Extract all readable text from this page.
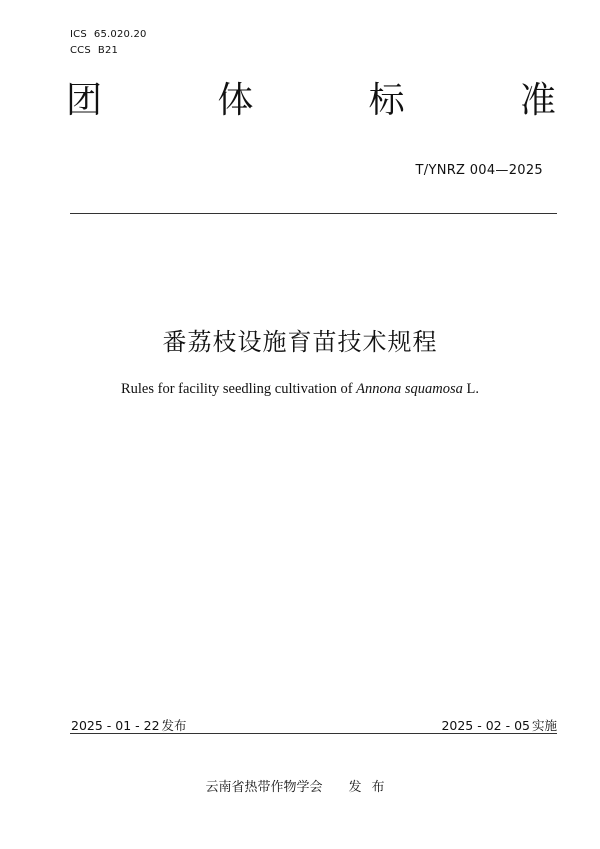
ICS 65.020.20
CCS B21
团	体	标	准
T/YNRZ 004—2025
番荔枝设施育苗技术规程
Rules for facility seedling cultivation of Annona squamosa L.
2025 - 01 - 22 发布	2025 - 02 - 05 实施
云南省热带作物学会 发布
